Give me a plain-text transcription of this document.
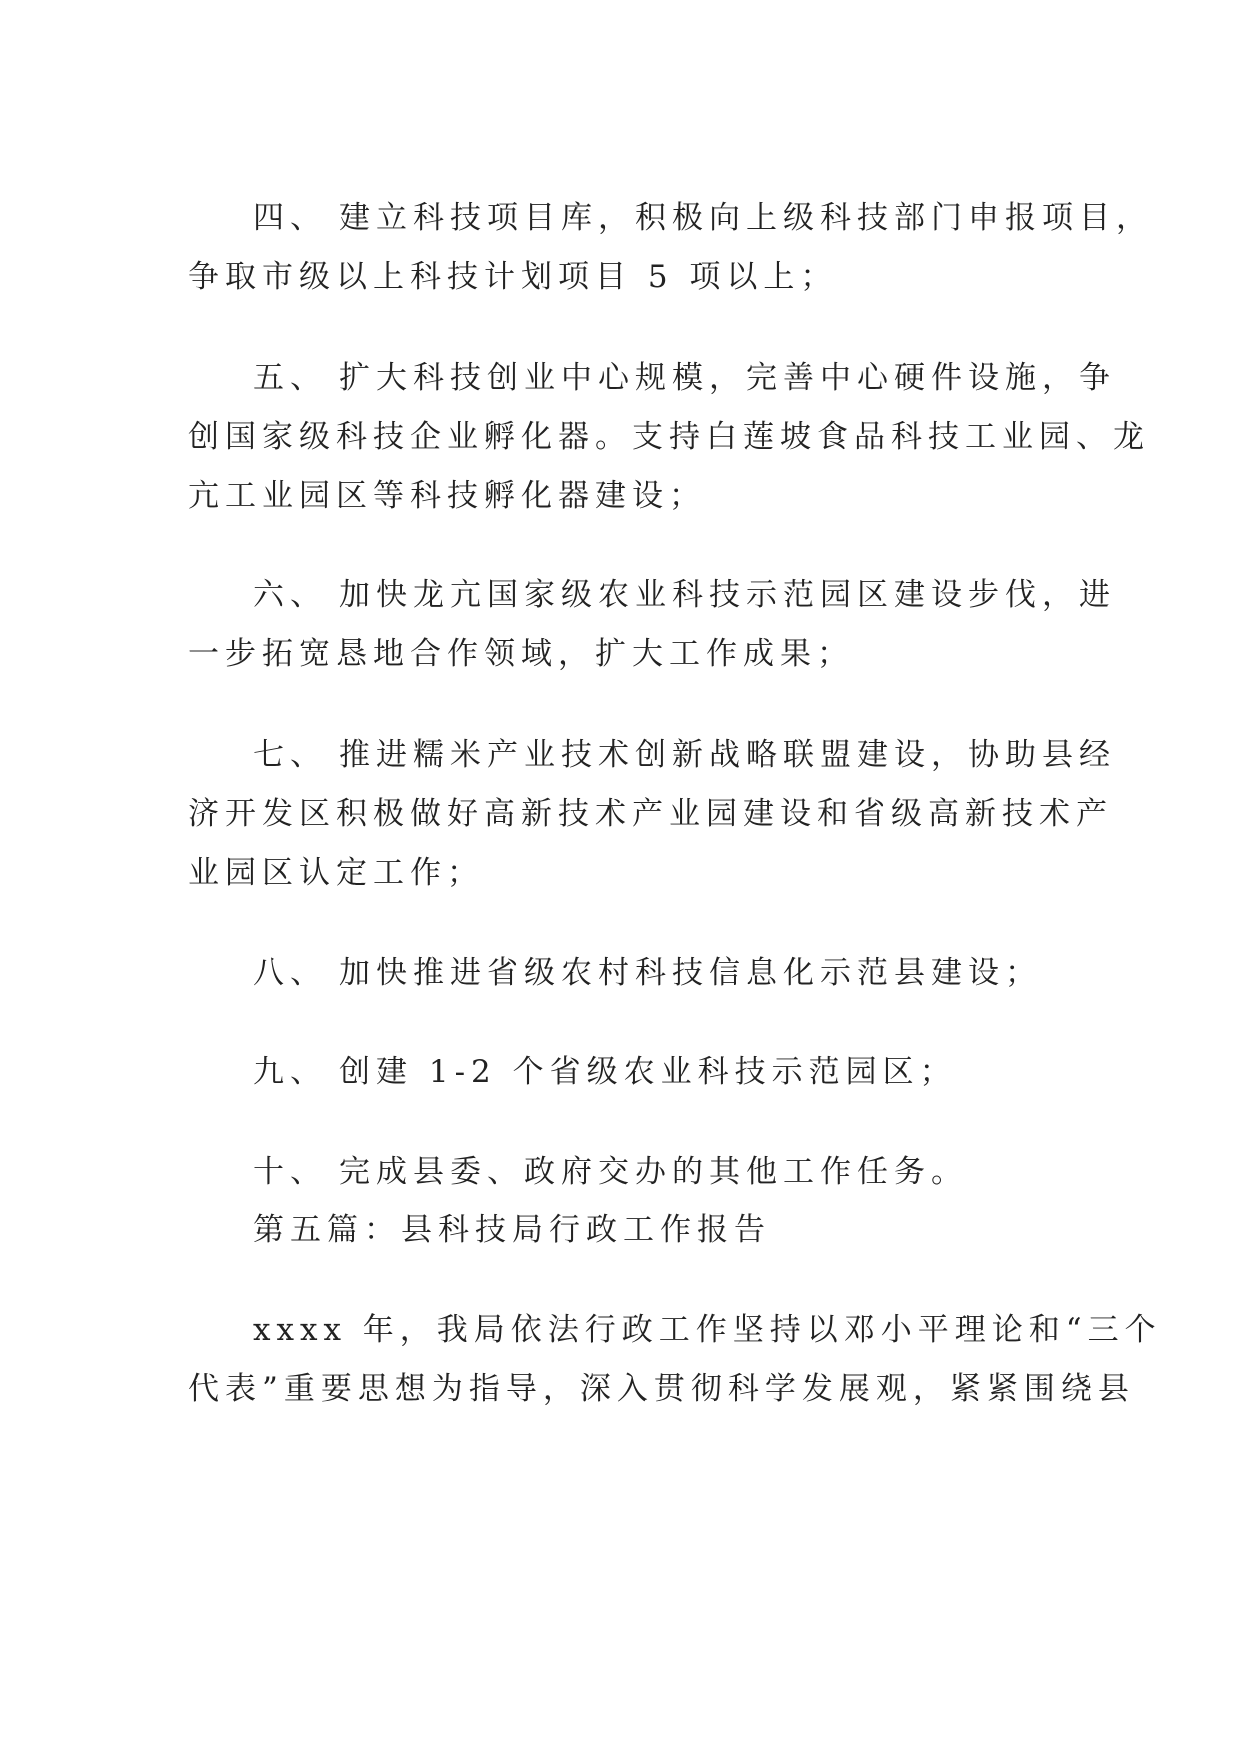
四、 建立科技项目库，积极向上级科技部门申报项目，
争取市级以上科技计划项目 5 项以上；
五、 扩大科技创业中心规模，完善中心硬件设施，争
创国家级科技企业孵化器。支持白莲坡食品科技工业园、龙
亢工业园区等科技孵化器建设；
六、 加快龙亢国家级农业科技示范园区建设步伐，进
一步拓宽恳地合作领域，扩大工作成果；
七、 推进糯米产业技术创新战略联盟建设，协助县经
济开发区积极做好高新技术产业园建设和省级高新技术产
业园区认定工作；
八、 加快推进省级农村科技信息化示范县建设；
九、 创建 1-2 个省级农业科技示范园区；
十、 完成县委、政府交办的其他工作任务。
第五篇：县科技局行政工作报告
xxxx 年，我局依法行政工作坚持以邓小平理论和“三个
代表”重要思想为指导，深入贯彻科学发展观，紧紧围绕县
